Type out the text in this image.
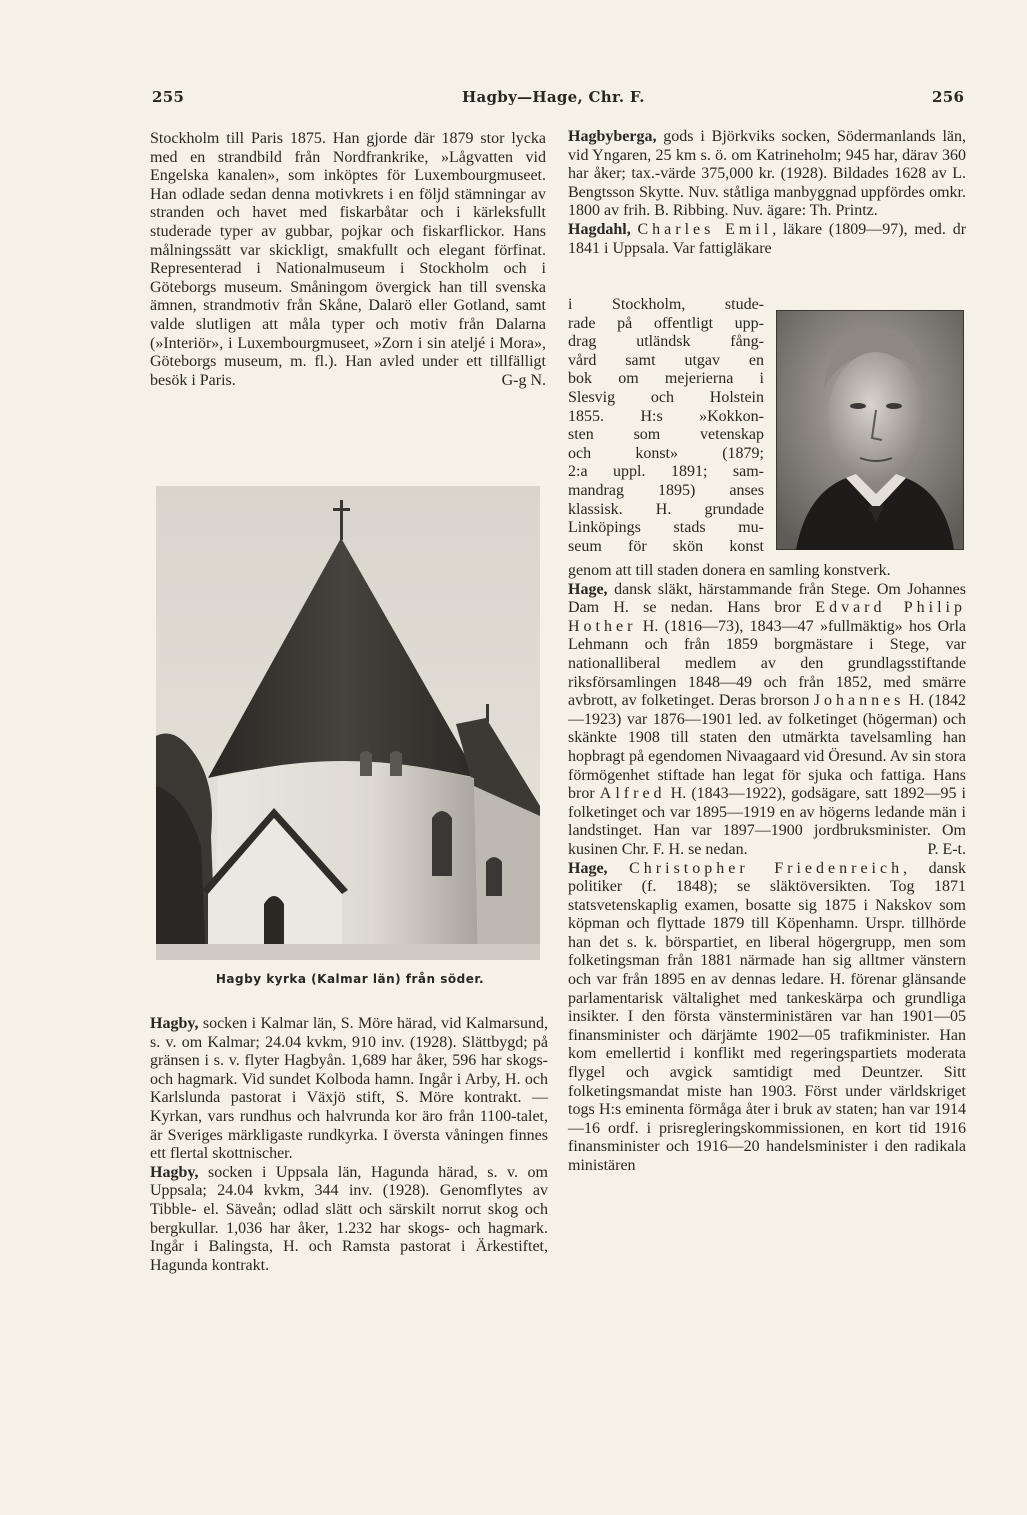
255	Hagby—Hage, Chr. F.	256

Stockholm till Paris 1875. Han gjorde där 1879 stor lycka med en strandbild från Nordfrankrike, »Lågvatten vid Engelska kanalen», som inköptes för Luxembourgmuseet. Han odlade sedan denna motivkrets i en följd stämningar av stranden och havet med fiskarbåtar och i kärleksfullt studerade typer av gubbar, pojkar och fiskarflickor. Hans målningssätt var skickligt, smakfullt och elegant förfinat. Representerad i Nationalmuseum i Stockholm och i Göteborgs museum. Småningom övergick han till svenska ämnen, strandmotiv från Skåne, Dalarö eller Gotland, samt valde slutligen att måla typer och motiv från Dalarna (»Interiör», i Luxembourgmuseet, »Zorn i sin ateljé i Mora», Göteborgs museum, m. fl.). Han avled under ett tillfälligt besök i Paris.	G-g N.

Hagby kyrka (Kalmar län) från söder.

Hagby, socken i Kalmar län, S. Möre härad, vid Kalmarsund, s. v. om Kalmar; 24.04 kvkm, 910 inv. (1928). Slättbygd; på gränsen i s. v. flyter Hagbyån. 1,689 har åker, 596 har skogs- och hagmark. Vid sundet Kolboda hamn. Ingår i Arby, H. och Karlslunda pastorat i Växjö stift, S. Möre kontrakt. — Kyrkan, vars rundhus och halvrunda kor äro från 1100-talet, är Sveriges märkligaste rundkyrka. I översta våningen finnes ett flertal skottnischer.

Hagby, socken i Uppsala län, Hagunda härad, s. v. om Uppsala; 24.04 kvkm, 344 inv. (1928). Genomflytes av Tibble- el. Säveån; odlad slätt och särskilt norrut skog och bergkullar. 1,036 har åker, 1.232 har skogs- och hagmark. Ingår i Balingsta, H. och Ramsta pastorat i Ärkestiftet, Hagunda kontrakt.

Hagbyberga, gods i Björkviks socken, Södermanlands län, vid Yngaren, 25 km s. ö. om Katrineholm; 945 har, därav 360 har åker; tax.-värde 375,000 kr. (1928). Bildades 1628 av L. Bengtsson Skytte. Nuv. ståtliga manbyggnad uppfördes omkr. 1800 av frih. B. Ribbing. Nuv. ägare: Th. Printz.

Hagdahl, Charles Emil, läkare (1809—97), med. dr 1841 i Uppsala. Var fattigläkare

i Stockholm, stude-
rade på offentligt upp-
drag utländsk fång-
vård samt utgav en
bok om mejerierna i
Slesvig och Holstein
1855. H:s »Kokkon-
sten som vetenskap
och konst» (1879;
2:a uppl. 1891; sam-
mandrag 1895) anses
klassisk. H. grundade
Linköpings stads mu-
seum för skön konst

genom att till staden donera en samling konstverk.

Hage, dansk släkt, härstammande från Stege. Om Johannes Dam H. se nedan. Hans bror Edvard Philip Hother H. (1816—73), 1843—47 »fullmäktig» hos Orla Lehmann och från 1859 borgmästare i Stege, var nationalliberal medlem av den grundlagsstiftande riksförsamlingen 1848—49 och från 1852, med smärre avbrott, av folketinget. Deras brorson Johannes H. (1842—1923) var 1876—1901 led. av folketinget (högerman) och skänkte 1908 till staten den utmärkta tavelsamling han hopbragt på egendomen Nivaagaard vid Öresund. Av sin stora förmögenhet stiftade han legat för sjuka och fattiga. Hans bror Alfred H. (1843—1922), godsägare, satt 1892—95 i folketinget och var 1895—1919 en av högerns ledande män i landstinget. Han var 1897—1900 jordbruksminister. Om kusinen Chr. F. H. se nedan.	P. E-t.

Hage, Christopher Friedenreich, dansk politiker (f. 1848); se släktöversikten. Tog 1871 statsvetenskaplig examen, bosatte sig 1875 i Nakskov som köpman och flyttade 1879 till Köpenhamn. Urspr. tillhörde han det s. k. börspartiet, en liberal högergrupp, men som folketingsman från 1881 närmade han sig alltmer vänstern och var från 1895 en av dennas ledare. H. förenar glänsande parlamentarisk vältalighet med tankeskärpa och grundliga insikter. I den första vänsterministären var han 1901—05 finansminister och därjämte 1902—05 trafikminister. Han kom emellertid i konflikt med regeringspartiets moderata flygel och avgick samtidigt med Deuntzer. Sitt folketingsmandat miste han 1903. Först under världskriget togs H:s eminenta förmåga åter i bruk av staten; han var 1914—16 ordf. i prisregleringskommissionen, en kort tid 1916 finansminister och 1916—20 handelsminister i den radikala ministären
